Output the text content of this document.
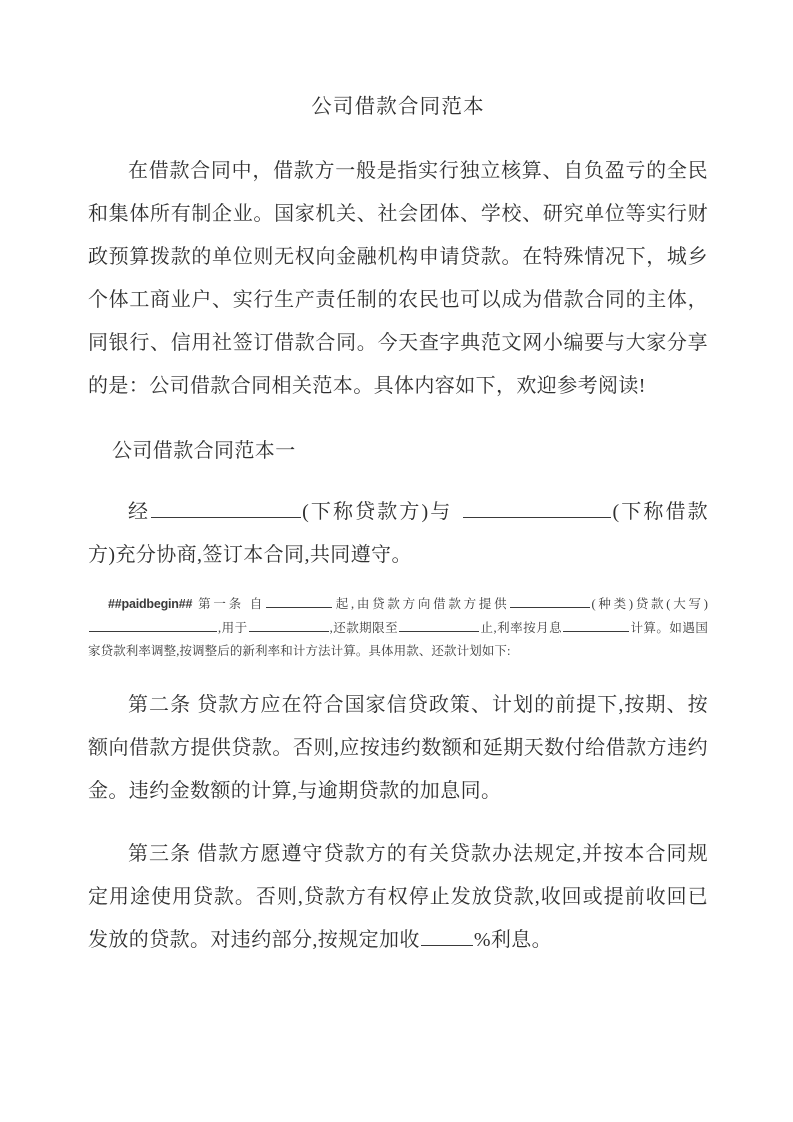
公司借款合同范本

在借款合同中，借款方一般是指实行独立核算、自负盈亏的全民和集体所有制企业。国家机关、社会团体、学校、研究单位等实行财政预算拨款的单位则无权向金融机构申请贷款。在特殊情况下，城乡个体工商业户、实行生产责任制的农民也可以成为借款合同的主体，同银行、信用社签订借款合同。今天查字典范文网小编要与大家分享的是：公司借款合同相关范本。具体内容如下，欢迎参考阅读!

公司借款合同范本一

经	(下称贷款方)与	(下称借款方)充分协商,签订本合同,共同遵守。

##paidbegin## 第一条 自	起,由贷款方向借款方提供	(种类)贷款(大写),用于	,还款期限至	止,利率按月息	计算。如遇国家贷款利率调整,按调整后的新利率和计方法计算。具体用款、还款计划如下:

第二条 贷款方应在符合国家信贷政策、计划的前提下,按期、按额向借款方提供贷款。否则,应按违约数额和延期天数付给借款方违约金。违约金数额的计算,与逾期贷款的加息同。

第三条 借款方愿遵守贷款方的有关贷款办法规定,并按本合同规定用途使用贷款。否则,贷款方有权停止发放贷款,收回或提前收回已发放的贷款。对违约部分,按规定加收	%利息。
